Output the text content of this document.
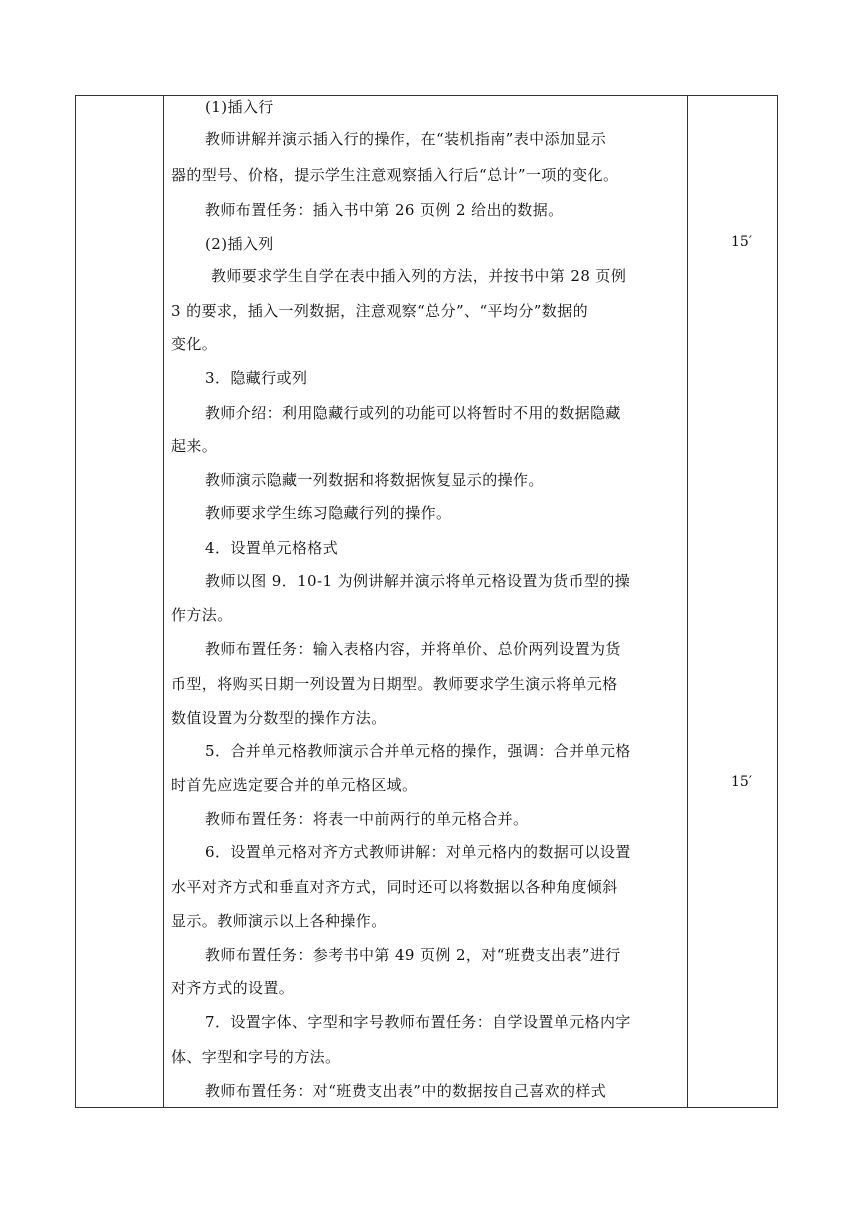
(1)插入行
教师讲解并演示插入行的操作，在“装机指南”表中添加显示
器的型号、价格，提示学生注意观察插入行后“总计”一项的变化。
教师布置任务：插入书中第 26 页例 2 给出的数据。
(2)插入列
教师要求学生自学在表中插入列的方法，并按书中第 28 页例
3 的要求，插入一列数据，注意观察“总分”、“平均分”数据的
变化。
3．隐藏行或列
教师介绍：利用隐藏行或列的功能可以将暂时不用的数据隐藏
起来。
教师演示隐藏一列数据和将数据恢复显示的操作。
教师要求学生练习隐藏行列的操作。
4．设置单元格格式
教师以图 9．10-1 为例讲解并演示将单元格设置为货币型的操
作方法。
教师布置任务：输入表格内容，并将单价、总价两列设置为货
币型，将购买日期一列设置为日期型。教师要求学生演示将单元格
数值设置为分数型的操作方法。
5．合并单元格教师演示合并单元格的操作，强调：合并单元格
时首先应选定要合并的单元格区域。
教师布置任务：将表一中前两行的单元格合并。
6．设置单元格对齐方式教师讲解：对单元格内的数据可以设置
水平对齐方式和垂直对齐方式，同时还可以将数据以各种角度倾斜
显示。教师演示以上各种操作。
教师布置任务：参考书中第 49 页例 2，对“班费支出表”进行
对齐方式的设置。
7．设置字体、字型和字号教师布置任务：自学设置单元格内字
体、字型和字号的方法。
教师布置任务：对“班费支出表”中的数据按自己喜欢的样式
15′
15′
